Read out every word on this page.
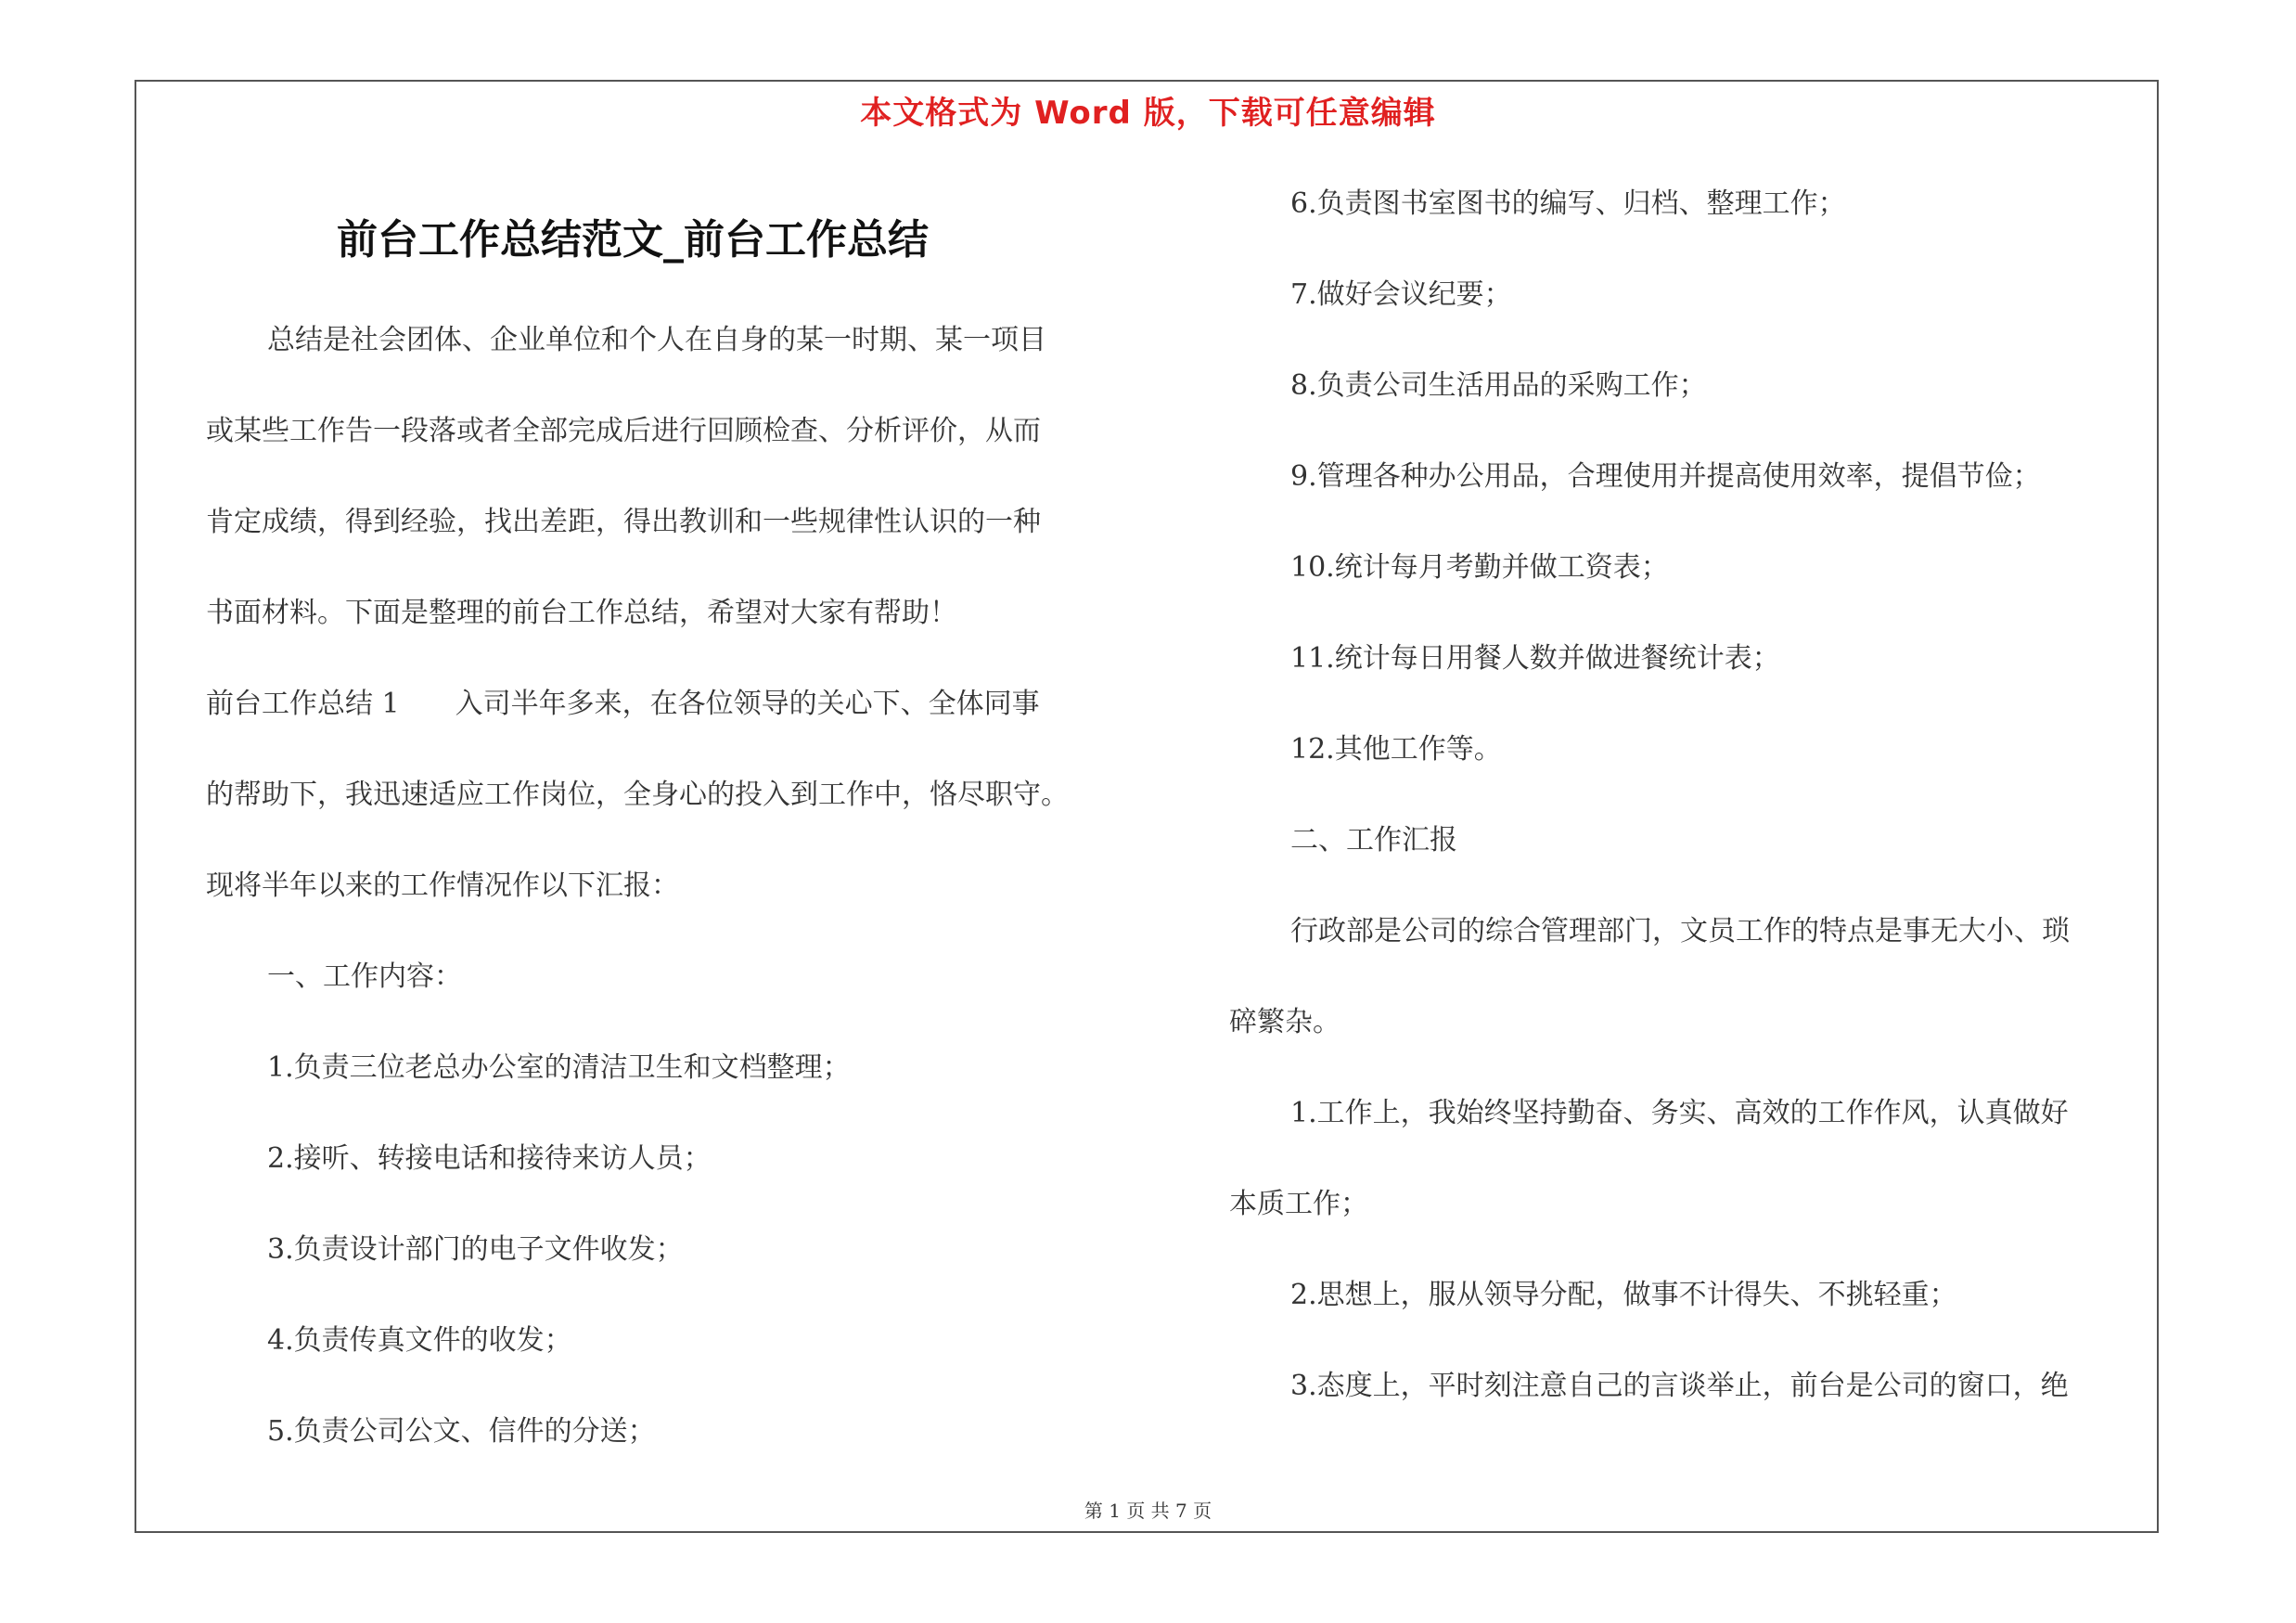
本文格式为 Word 版，下载可任意编辑
前台工作总结范文_前台工作总结
总结是社会团体、企业单位和个人在自身的某一时期、某一项目
或某些工作告一段落或者全部完成后进行回顾检查、分析评价，从而
肯定成绩，得到经验，找出差距，得出教训和一些规律性认识的一种
书面材料。下面是整理的前台工作总结，希望对大家有帮助！
前台工作总结 1　　入司半年多来，在各位领导的关心下、全体同事
的帮助下，我迅速适应工作岗位，全身心的投入到工作中，恪尽职守。
现将半年以来的工作情况作以下汇报：
一、工作内容：
1.负责三位老总办公室的清洁卫生和文档整理；
2.接听、转接电话和接待来访人员；
3.负责设计部门的电子文件收发；
4.负责传真文件的收发；
5.负责公司公文、信件的分送；
6.负责图书室图书的编写、归档、整理工作；
7.做好会议纪要；
8.负责公司生活用品的采购工作；
9.管理各种办公用品，合理使用并提高使用效率，提倡节俭；
10.统计每月考勤并做工资表；
11.统计每日用餐人数并做进餐统计表；
12.其他工作等。
二、工作汇报
行政部是公司的综合管理部门，文员工作的特点是事无大小、琐
碎繁杂。
1.工作上，我始终坚持勤奋、务实、高效的工作作风，认真做好
本质工作；
2.思想上，服从领导分配，做事不计得失、不挑轻重；
3.态度上，平时刻注意自己的言谈举止，前台是公司的窗口，绝
第 1 页 共 7 页
